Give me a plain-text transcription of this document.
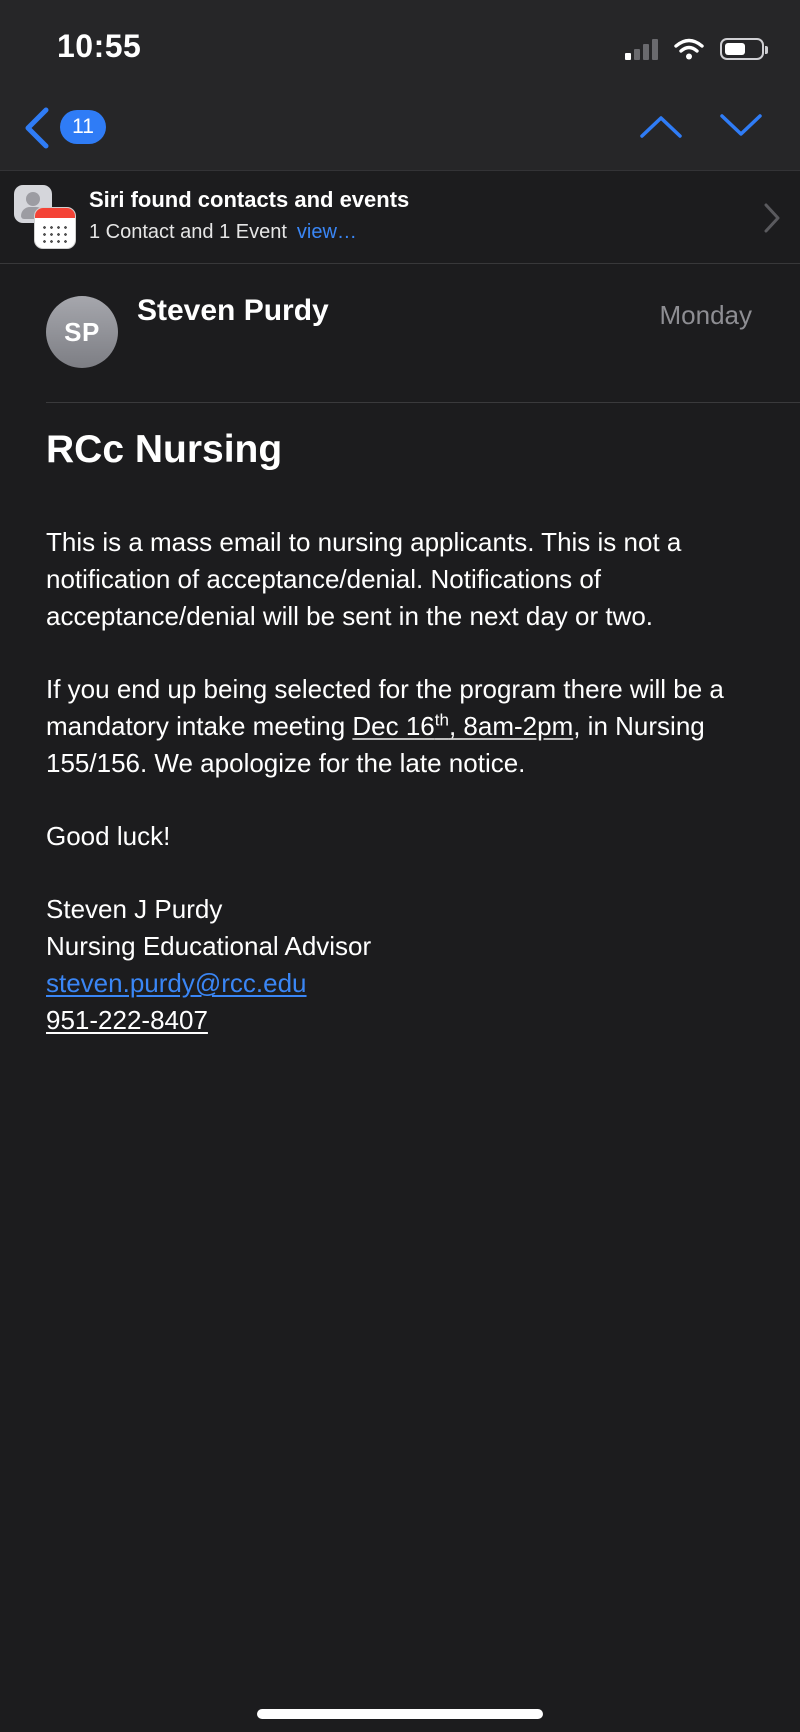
10:55
11
Siri found contacts and events
1 Contact and 1 Event view…
SP
Steven Purdy	Monday
RCc Nursing

This is a mass email to nursing applicants. This is not a notification of acceptance/denial. Notifications of acceptance/denial will be sent in the next day or two.

If you end up being selected for the program there will be a mandatory intake meeting Dec 16th, 8am-2pm, in Nursing 155/156. We apologize for the late notice.

Good luck!

Steven J Purdy

Nursing Educational Advisor

steven.purdy@rcc.edu

951-222-8407
